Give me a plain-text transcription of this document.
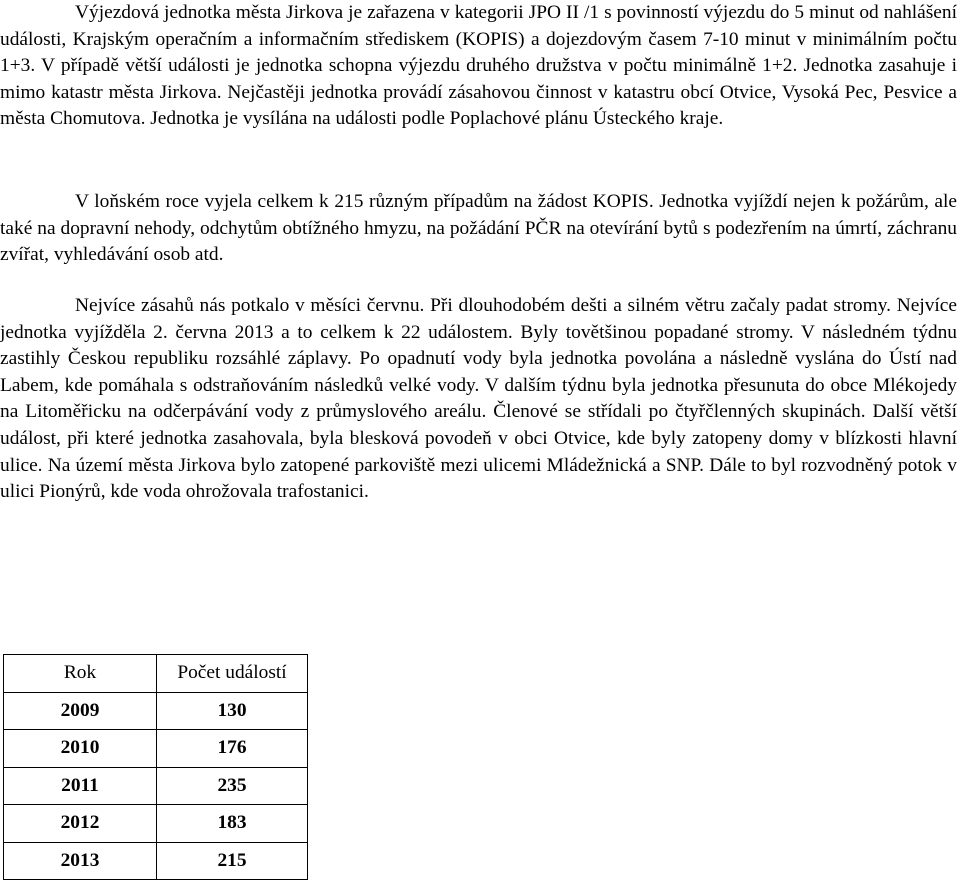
Výjezdová jednotka města Jirkova je zařazena v kategorii JPO II /1 s povinností výjezdu do 5 minut od nahlášení události, Krajským operačním a informačním střediskem (KOPIS) a dojezdovým časem 7-10 minut v minimálním počtu 1+3. V případě větší události je jednotka schopna výjezdu druhého družstva v počtu minimálně 1+2. Jednotka zasahuje i mimo katastr města Jirkova. Nejčastěji jednotka provádí zásahovou činnost v katastru obcí Otvice, Vysoká Pec, Pesvice a města Chomutova. Jednotka je vysílána na události podle Poplachové plánu Ústeckého kraje.

V loňském roce vyjela celkem k 215 různým případům na žádost KOPIS. Jednotka vyjíždí nejen k požárům, ale také na dopravní nehody, odchytům obtížného hmyzu, na požádání PČR na otevírání bytů s podezřením na úmrtí, záchranu zvířat, vyhledávání osob atd.

Nejvíce zásahů nás potkalo v měsíci červnu. Při dlouhodobém dešti a silném větru začaly padat stromy. Nejvíce jednotka vyjížděla 2. června 2013 a to celkem k 22 událostem. Byly tovětšinou popadané stromy. V následném týdnu zastihly Českou republiku rozsáhlé záplavy. Po opadnutí vody byla jednotka povolána a následně vyslána do Ústí nad Labem, kde pomáhala s odstraňováním následků velké vody. V dalším týdnu byla jednotka přesunuta do obce Mlékojedy na Litoměřicku na odčerpávání vody z průmyslového areálu. Členové se střídali po čtyřčlenných skupinách. Další větší událost, při které jednotka zasahovala, byla blesková povodeň v obci Otvice, kde byly zatopeny domy v blízkosti hlavní ulice. Na území města Jirkova bylo zatopené parkoviště mezi ulicemi Mládežnická a SNP. Dále to byl rozvodněný potok v ulici Pionýrů, kde voda ohrožovala trafostanici.

Rok	Počet událostí
2009	130
2010	176
2011	235
2012	183
2013	215
